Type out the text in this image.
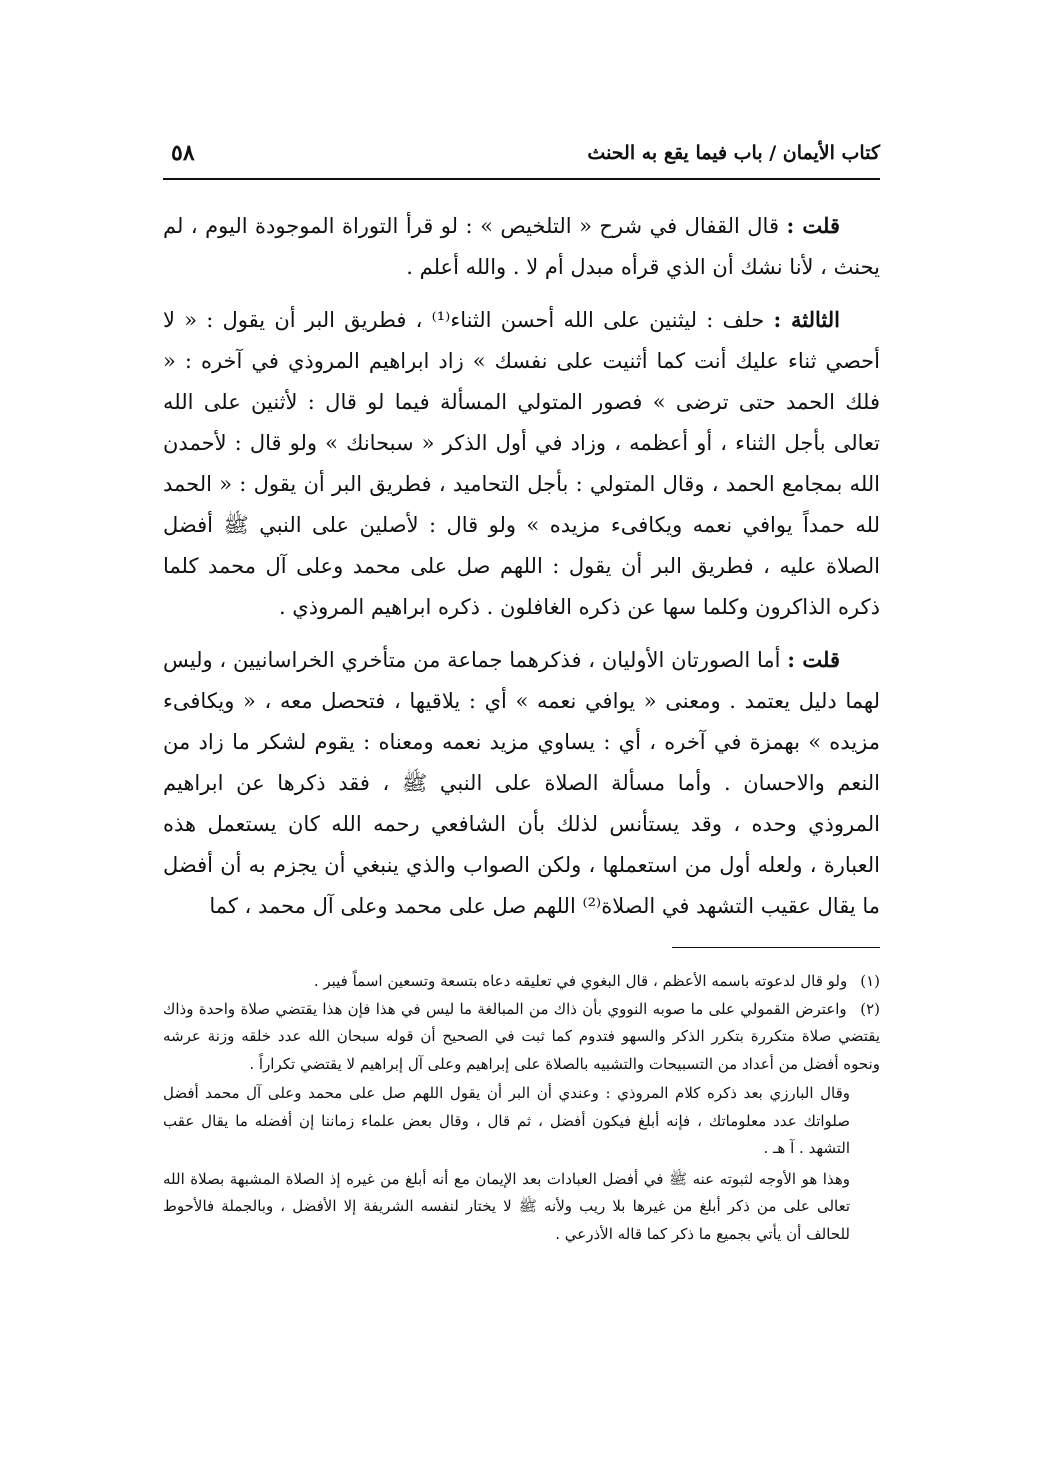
كتاب الأيمان / باب فيما يقع به الحنث
٥٨

قلت : قال القفال في شرح « التلخيص » : لو قرأ التوراة الموجودة اليوم ، لم يحنث ، لأنا نشك أن الذي قرأه مبدل أم لا . والله أعلم .

الثالثة : حلف : ليثنين على الله أحسن الثناء⁽¹⁾ ، فطريق البر أن يقول : « لا أحصي ثناء عليك أنت كما أثنيت على نفسك » زاد ابراهيم المروذي في آخره : « فلك الحمد حتى ترضى » فصور المتولي المسألة فيما لو قال : لأثنين على الله تعالى بأجل الثناء ، أو أعظمه ، وزاد في أول الذكر « سبحانك » ولو قال : لأحمدن الله بمجامع الحمد ، وقال المتولي : بأجل التحاميد ، فطريق البر أن يقول : « الحمد لله حمداً يوافي نعمه ويكافىء مزيده » ولو قال : لأصلين على النبي ﷺ أفضل الصلاة عليه ، فطريق البر أن يقول : اللهم صل على محمد وعلى آل محمد كلما ذكره الذاكرون وكلما سها عن ذكره الغافلون . ذكره ابراهيم المروذي .

قلت : أما الصورتان الأوليان ، فذكرهما جماعة من متأخري الخراسانيين ، وليس لهما دليل يعتمد . ومعنى « يوافي نعمه » أي : يلاقيها ، فتحصل معه ، « ويكافىء مزيده » بهمزة في آخره ، أي : يساوي مزيد نعمه ومعناه : يقوم لشكر ما زاد من النعم والاحسان . وأما مسألة الصلاة على النبي ﷺ ، فقد ذكرها عن ابراهيم المروذي وحده ، وقد يستأنس لذلك بأن الشافعي رحمه الله كان يستعمل هذه العبارة ، ولعله أول من استعملها ، ولكن الصواب والذي ينبغي أن يجزم به أن أفضل ما يقال عقيب التشهد في الصلاة⁽²⁾ اللهم صل على محمد وعلى آل محمد ، كما

(١) ولو قال لدعوته باسمه الأعظم ، قال البغوي في تعليقه دعاه بتسعة وتسعين اسماً فيبر .

(٢) واعترض القمولي على ما صوبه النووي بأن ذاك من المبالغة ما ليس في هذا فإن هذا يقتضي صلاة واحدة وذاك يقتضي صلاة متكررة بتكرر الذكر والسهو فتدوم كما ثبت في الصحيح أن قوله سبحان الله عدد خلقه وزنة عرشه ونحوه أفضل من أعداد من التسبيحات والتشبيه بالصلاة على إبراهيم وعلى آل إبراهيم لا يقتضي تكراراً .

وقال البارزي بعد ذكره كلام المروذي : وعندي أن البر أن يقول اللهم صل على محمد وعلى آل محمد أفضل صلواتك عدد معلوماتك ، فإنه أبلغ فيكون أفضل ، ثم قال ، وقال بعض علماء زماننا إن أفضله ما يقال عقب التشهد . آ هـ .

وهذا هو الأوجه لثبوته عنه ﷺ في أفضل العبادات بعد الإيمان مع أنه أبلغ من غيره إذ الصلاة المشبهة بصلاة الله تعالى على من ذكر أبلغ من غيرها بلا ريب ولأنه ﷺ لا يختار لنفسه الشريفة إلا الأفضل ، وبالجملة فالأحوط للحالف أن يأتي بجميع ما ذكر كما قاله الأذرعي .
